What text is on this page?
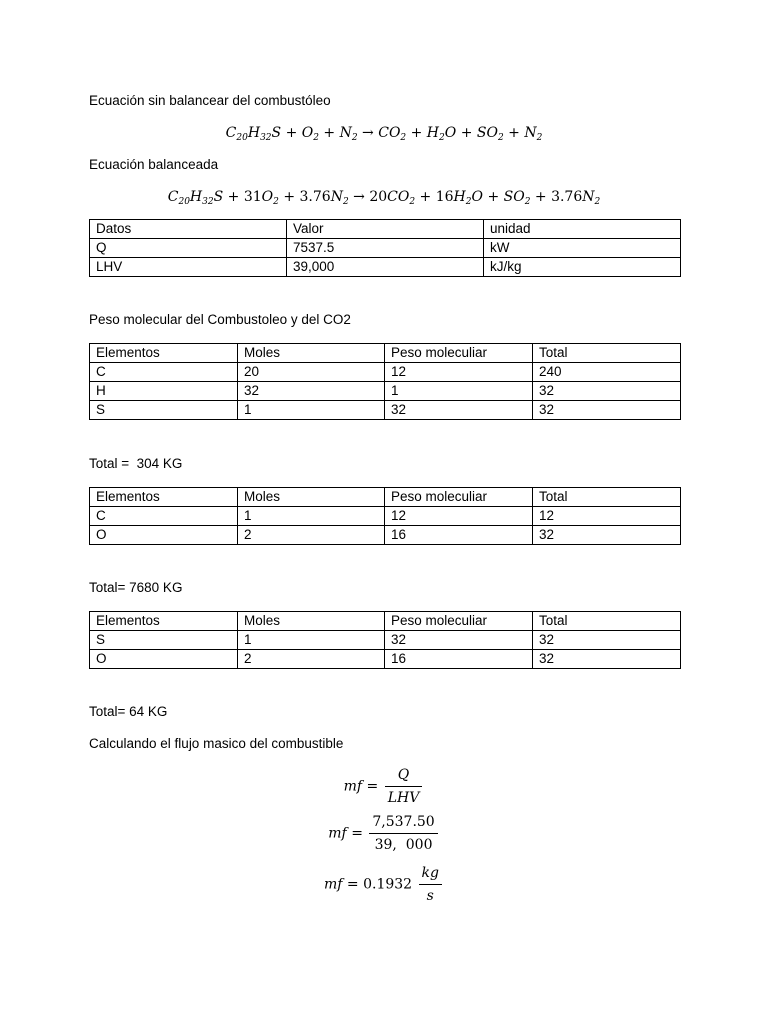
Ecuación sin balancear del combustóleo

$C_{20}H_{32}S + O_2 + N_2 \to CO_2 + H_2O + SO_2 + N_2$

Ecuación balanceada

$C_{20}H_{32}S + 31O_2 + 3.76N_2 \to 20CO_2 + 16H_2O + SO_2 + 3.76N_2$
Datos	Valor	unidad
Q	7537.5	kW
LHV	39,000	kJ/kg

Peso molecular del Combustoleo y del CO2

Elementos	Moles	Peso moleculiar	Total
C	20	12	240
H	32	1	32
S	1	32	32

Total =  304 KG

Elementos	Moles	Peso moleculiar	Total
C	1	12	12
O	2	16	32

Total= 7680 KG

Elementos	Moles	Peso moleculiar	Total
S	1	32	32
O	2	16	32

Total= 64 KG

Calculando el flujo masico del combustible

mf = $\frac{Q}{\text{LHV}}$
mf = $\frac{7,537.50}{39, 000}$
mf = $0.1932 \frac{kg}{s}$
